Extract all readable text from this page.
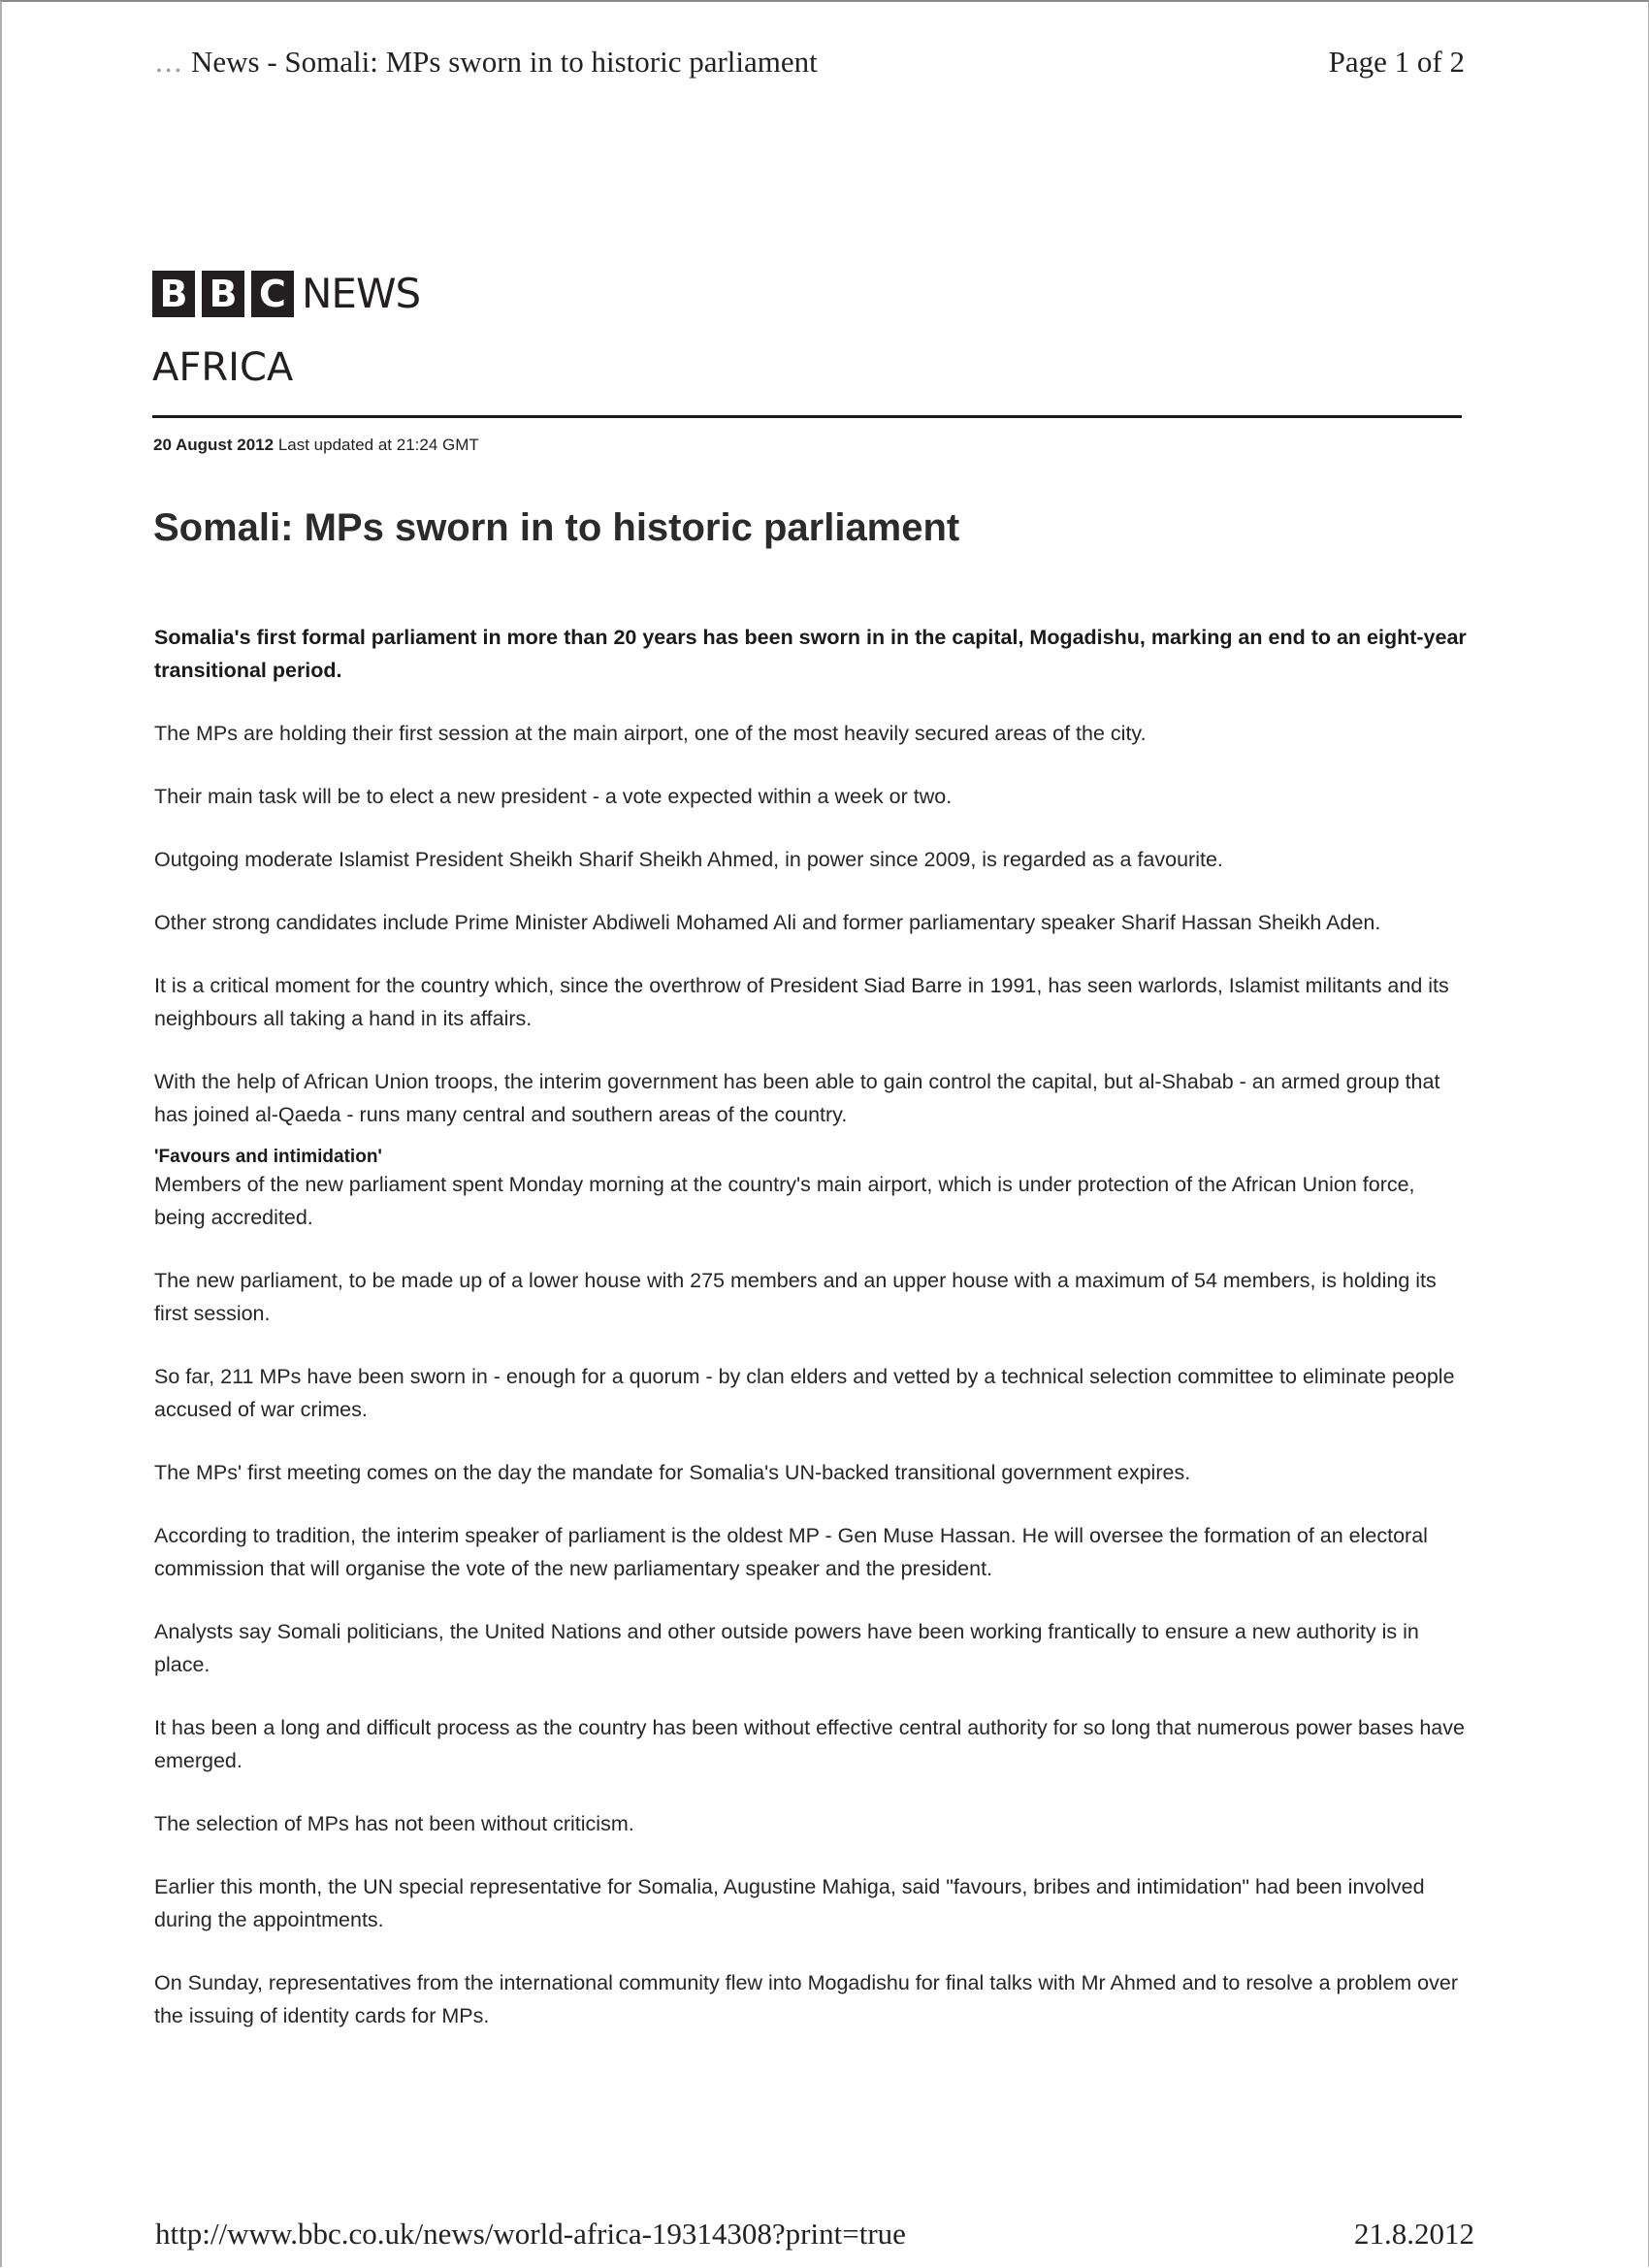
... News - Somali: MPs sworn in to historic parliament	Page 1 of 2
B B C NEWS
AFRICA
20 August 2012 Last updated at 21:24 GMT
Somali: MPs sworn in to historic parliament

Somalia's first formal parliament in more than 20 years has been sworn in in the capital, Mogadishu, marking an end to an eight-year transitional period.

The MPs are holding their first session at the main airport, one of the most heavily secured areas of the city.

Their main task will be to elect a new president - a vote expected within a week or two.

Outgoing moderate Islamist President Sheikh Sharif Sheikh Ahmed, in power since 2009, is regarded as a favourite.

Other strong candidates include Prime Minister Abdiweli Mohamed Ali and former parliamentary speaker Sharif Hassan Sheikh Aden.

It is a critical moment for the country which, since the overthrow of President Siad Barre in 1991, has seen warlords, Islamist militants and its neighbours all taking a hand in its affairs.

With the help of African Union troops, the interim government has been able to gain control the capital, but al-Shabab - an armed group that has joined al-Qaeda - runs many central and southern areas of the country.

'Favours and intimidation'

Members of the new parliament spent Monday morning at the country's main airport, which is under protection of the African Union force, being accredited.

The new parliament, to be made up of a lower house with 275 members and an upper house with a maximum of 54 members, is holding its first session.

So far, 211 MPs have been sworn in - enough for a quorum - by clan elders and vetted by a technical selection committee to eliminate people accused of war crimes.

The MPs' first meeting comes on the day the mandate for Somalia's UN-backed transitional government expires.

According to tradition, the interim speaker of parliament is the oldest MP - Gen Muse Hassan. He will oversee the formation of an electoral commission that will organise the vote of the new parliamentary speaker and the president.

Analysts say Somali politicians, the United Nations and other outside powers have been working frantically to ensure a new authority is in place.

It has been a long and difficult process as the country has been without effective central authority for so long that numerous power bases have emerged.

The selection of MPs has not been without criticism.

Earlier this month, the UN special representative for Somalia, Augustine Mahiga, said "favours, bribes and intimidation" had been involved during the appointments.

On Sunday, representatives from the international community flew into Mogadishu for final talks with Mr Ahmed and to resolve a problem over the issuing of identity cards for MPs.

http://www.bbc.co.uk/news/world-africa-19314308?print=true	21.8.2012
